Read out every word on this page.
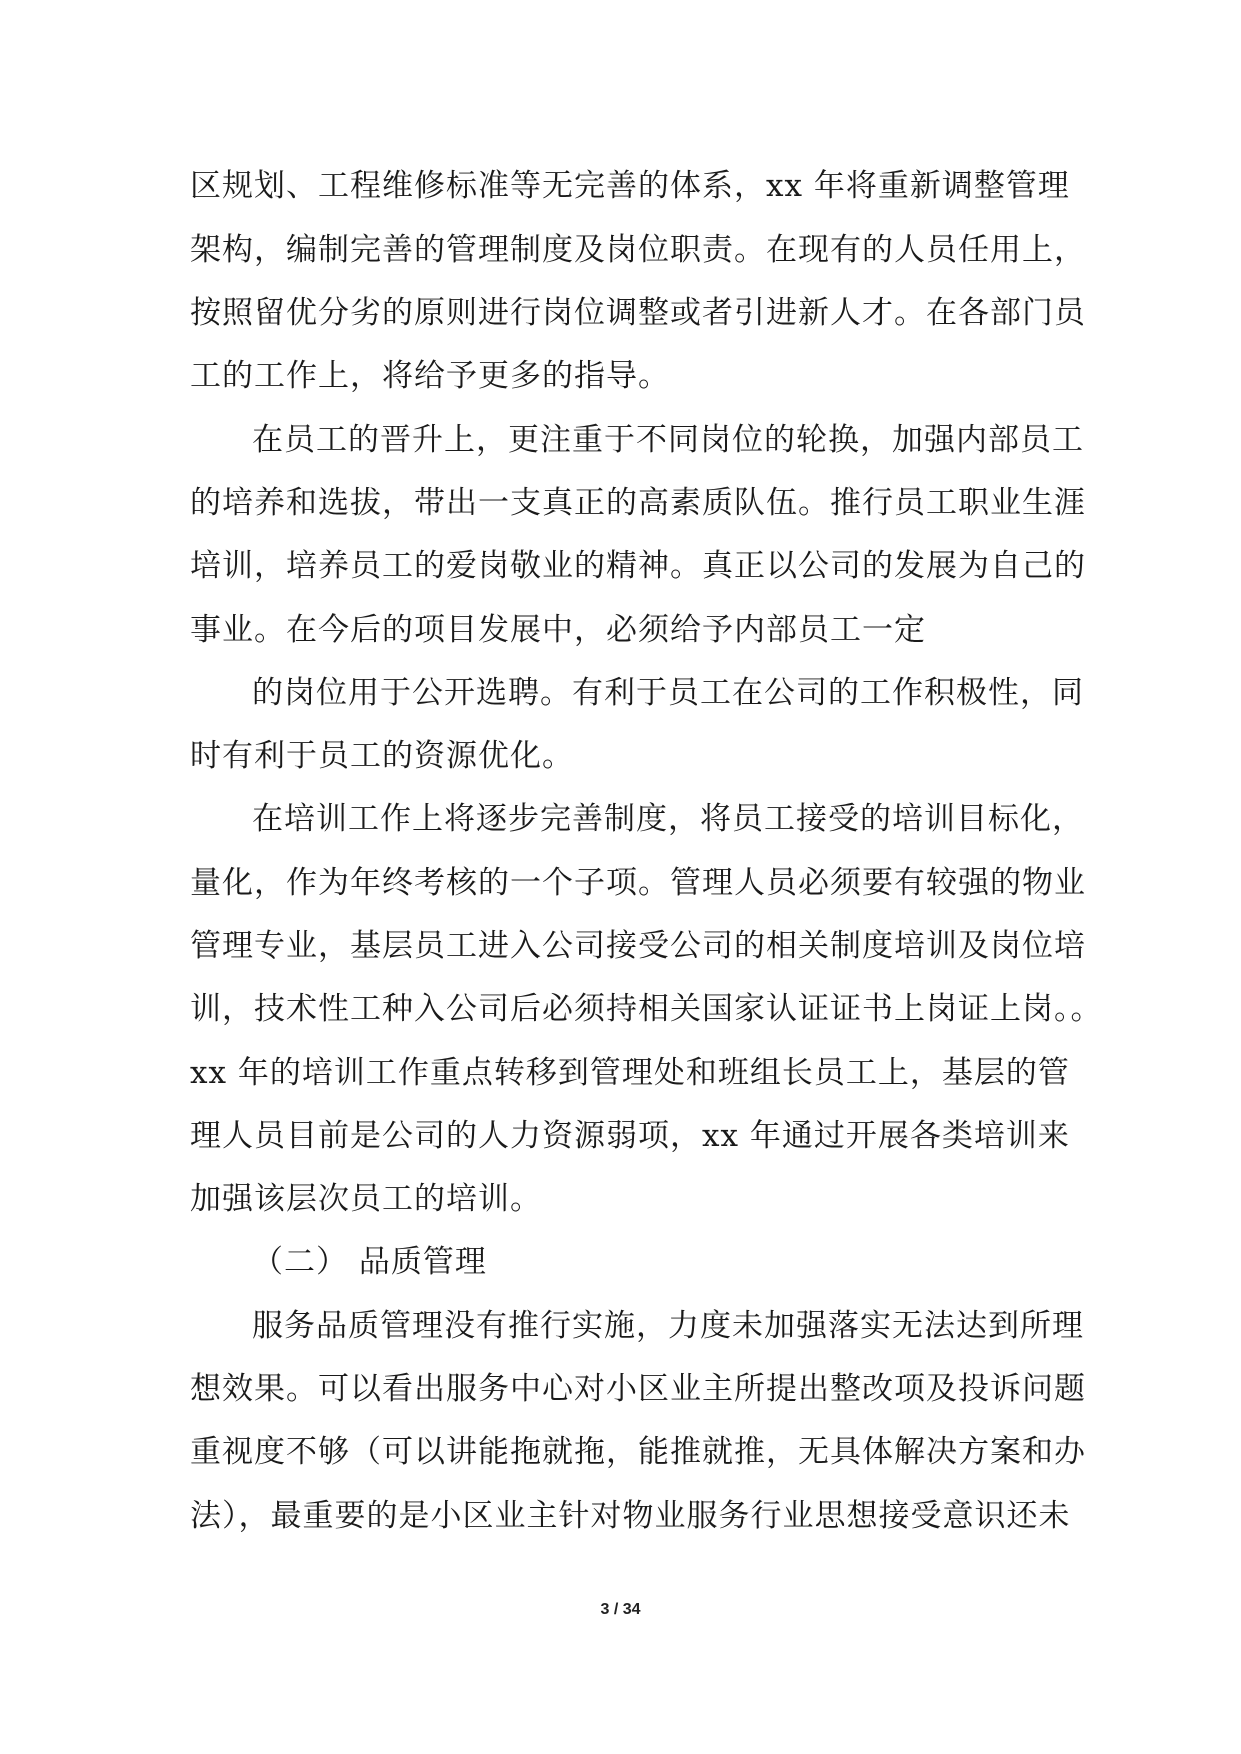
区规划、工程维修标准等无完善的体系，xx 年将重新调整管理
架构，编制完善的管理制度及岗位职责。在现有的人员任用上，
按照留优分劣的原则进行岗位调整或者引进新人才。在各部门员
工的工作上，将给予更多的指导。
在员工的晋升上，更注重于不同岗位的轮换，加强内部员工
的培养和选拔，带出一支真正的高素质队伍。推行员工职业生涯
培训，培养员工的爱岗敬业的精神。真正以公司的发展为自己的
事业。在今后的项目发展中，必须给予内部员工一定
的岗位用于公开选聘。有利于员工在公司的工作积极性，同
时有利于员工的资源优化。
在培训工作上将逐步完善制度，将员工接受的培训目标化，
量化，作为年终考核的一个子项。管理人员必须要有较强的物业
管理专业，基层员工进入公司接受公司的相关制度培训及岗位培
训，技术性工种入公司后必须持相关国家认证证书上岗证上岗。。
xx 年的培训工作重点转移到管理处和班组长员工上，基层的管
理人员目前是公司的人力资源弱项，xx 年通过开展各类培训来
加强该层次员工的培训。
（二） 品质管理
服务品质管理没有推行实施，力度未加强落实无法达到所理
想效果。可以看出服务中心对小区业主所提出整改项及投诉问题
重视度不够（可以讲能拖就拖，能推就推，无具体解决方案和办
法），最重要的是小区业主针对物业服务行业思想接受意识还未
3 / 34
